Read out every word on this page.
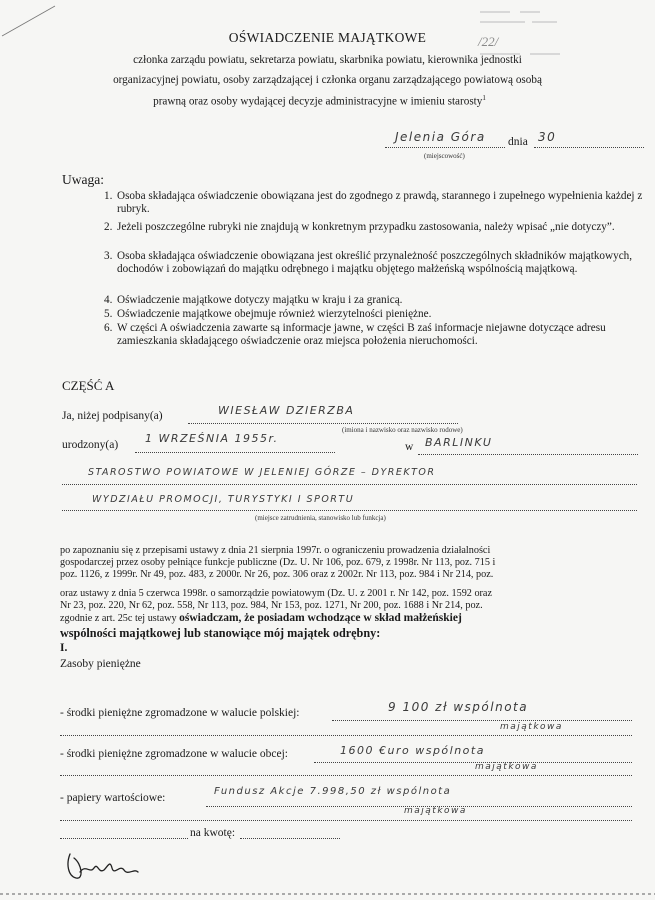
/22/
OŚWIADCZENIE MAJĄTKOWE
członka zarządu powiatu, sekretarza powiatu, skarbnika powiatu, kierownika jednostki
organizacyjnej powiatu, osoby zarządzającej i członka organu zarządzającego powiatową osobą
prawną oraz osoby wydającej decyzje administracyjne w imieniu starosty$^1$
Jelenia Góra dnia 30
(miejscowość)
Uwaga:
1. Osoba składająca oświadczenie obowiązana jest do zgodnego z prawdą, starannego i zupełnego wypełnienia każdej z rubryk.
2. Jeżeli poszczególne rubryki nie znajdują w konkretnym przypadku zastosowania, należy wpisać „nie dotyczy”.
3. Osoba składająca oświadczenie obowiązana jest określić przynależność poszczególnych składników majątkowych, dochodów i zobowiązań do majątku odrębnego i majątku objętego małżeńską wspólnością majątkową.
4. Oświadczenie majątkowe dotyczy majątku w kraju i za granicą.
5. Oświadczenie majątkowe obejmuje również wierzytelności pieniężne.
6. W części A oświadczenia zawarte są informacje jawne, w części B zaś informacje niejawne dotyczące adresu zamieszkania składającego oświadczenie oraz miejsca położenia nieruchomości.
CZĘŚĆ A
Ja, niżej podpisany(a)	WIESŁAW DZIERZBA
(imiona i nazwisko oraz nazwisko rodowe)
urodzony(a) 1 WRZEŚNIA 1955r.
w BARLINKU
STAROSTWO POWIATOWE W JELENIEJ GÓRZE – DYREKTOR
WYDZIAŁU PROMOCJI, TURYSTYKI I SPORTU
(miejsce zatrudnienia, stanowisko lub funkcja)
po zapoznaniu się z przepisami ustawy z dnia 21 sierpnia 1997r. o ograniczeniu prowadzenia działalności
gospodarczej przez osoby pełniące funkcje publiczne (Dz. U. Nr 106, poz. 679, z 1998r. Nr 113, poz. 715 i
poz. 1126, z 1999r. Nr 49, poz. 483, z 2000r. Nr 26, poz. 306 oraz z 2002r. Nr 113, poz. 984 i Nr 214, poz.
oraz ustawy z dnia 5 czerwca 1998r. o samorządzie powiatowym (Dz. U. z 2001 r. Nr 142, poz. 1592 oraz
Nr 23, poz. 220, Nr 62, poz. 558, Nr 113, poz. 984, Nr 153, poz. 1271, Nr 200, poz. 1688 i Nr 214, poz.
zgodnie z art. 25c tej ustawy oświadczam, że posiadam wchodzące w skład małżeńskiej
wspólności majątkowej lub stanowiące mój majątek odrębny:
I.
Zasoby pieniężne
- środki pieniężne zgromadzone w walucie polskiej:	9 100 zł wspólnota
majątkowa
- środki pieniężne zgromadzone w walucie obcej:	1600 €uro wspólnota
majątkowa
- papiery wartościowe:
Fundusz Akcje 7.998,50 zł wspólnota
majątkowa
na kwotę:
